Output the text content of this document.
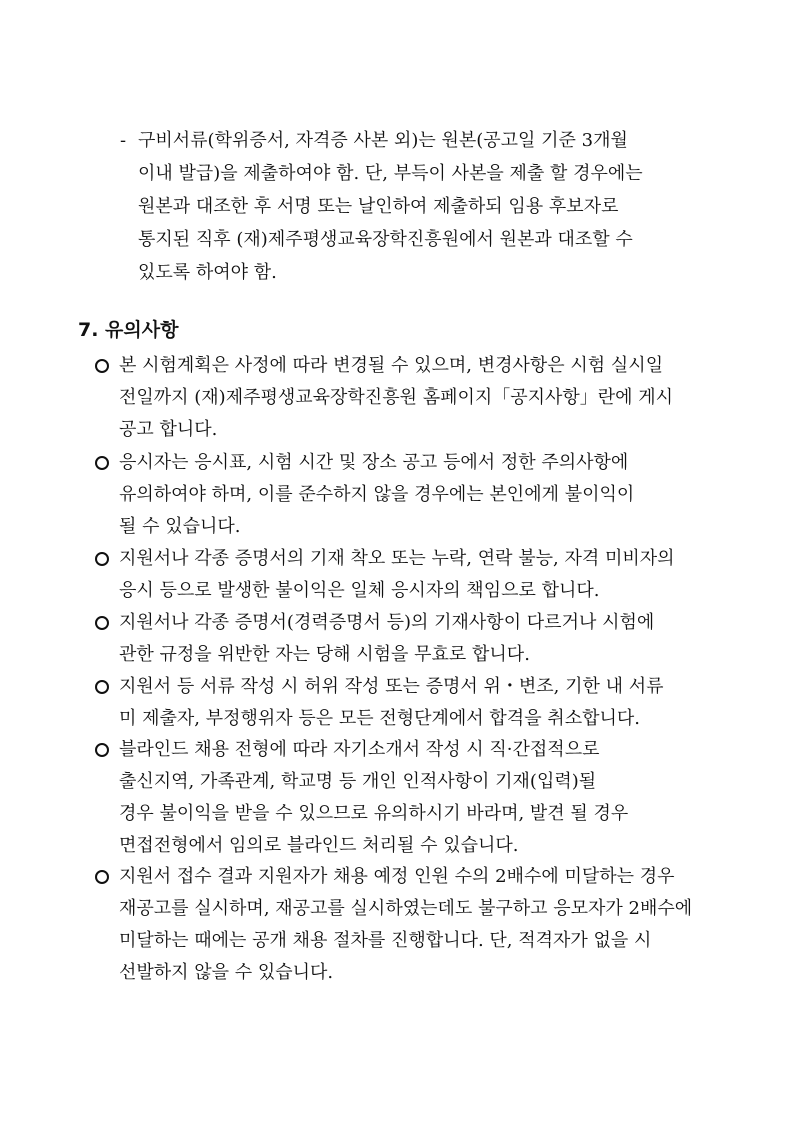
- 구비서류(학위증서, 자격증 사본 외)는 원본(공고일 기준 3개월
이내 발급)을 제출하여야 함. 단, 부득이 사본을 제출 할 경우에는
원본과 대조한 후 서명 또는 날인하여 제출하되 임용 후보자로
통지된 직후 (재)제주평생교육장학진흥원에서 원본과 대조할 수
있도록 하여야 함.
7. 유의사항
본 시험계획은 사정에 따라 변경될 수 있으며, 변경사항은 시험 실시일
전일까지 (재)제주평생교육장학진흥원 홈페이지「공지사항」란에 게시
공고 합니다.
응시자는 응시표, 시험 시간 및 장소 공고 등에서 정한 주의사항에
유의하여야 하며, 이를 준수하지 않을 경우에는 본인에게 불이익이
될 수 있습니다.
지원서나 각종 증명서의 기재 착오 또는 누락, 연락 불능, 자격 미비자의
응시 등으로 발생한 불이익은 일체 응시자의 책임으로 합니다.
지원서나 각종 증명서(경력증명서 등)의 기재사항이 다르거나 시험에
관한 규정을 위반한 자는 당해 시험을 무효로 합니다.
지원서 등 서류 작성 시 허위 작성 또는 증명서 위・변조, 기한 내 서류
미 제출자, 부정행위자 등은 모든 전형단계에서 합격을 취소합니다.
블라인드 채용 전형에 따라 자기소개서 작성 시 직·간접적으로
출신지역, 가족관계, 학교명 등 개인 인적사항이 기재(입력)될
경우 불이익을 받을 수 있으므로 유의하시기 바라며, 발견 될 경우
면접전형에서 임의로 블라인드 처리될 수 있습니다.
지원서 접수 결과 지원자가 채용 예정 인원 수의 2배수에 미달하는 경우
재공고를 실시하며, 재공고를 실시하였는데도 불구하고 응모자가 2배수에
미달하는 때에는 공개 채용 절차를 진행합니다. 단, 적격자가 없을 시
선발하지 않을 수 있습니다.
